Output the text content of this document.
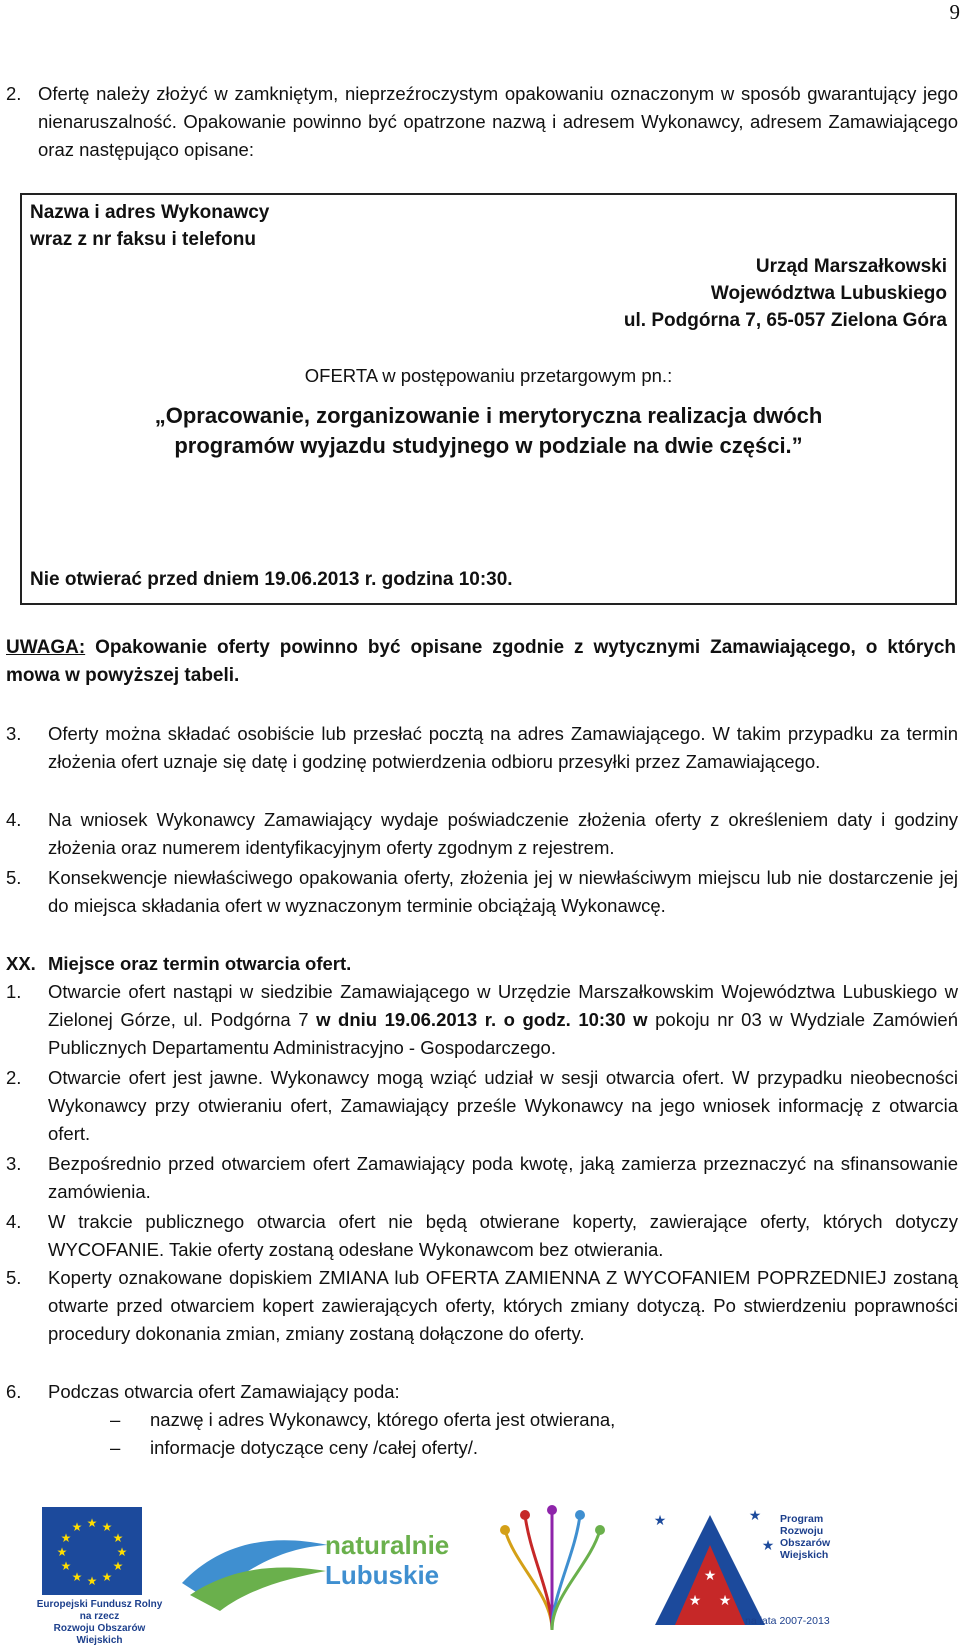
9
2. Ofertę należy złożyć w zamkniętym, nieprzeźroczystym opakowaniu oznaczonym w sposób gwarantujący jego nienaruszalność. Opakowanie powinno być opatrzone nazwą i adresem Wykonawcy, adresem Zamawiającego oraz następująco opisane:
Nazwa i adres Wykonawcy
wraz z nr faksu i telefonu
Urząd Marszałkowski
Województwa Lubuskiego
ul. Podgórna 7, 65-057 Zielona Góra
OFERTA w postępowaniu przetargowym pn.:
„Opracowanie, zorganizowanie i merytoryczna realizacja dwóch
programów wyjazdu studyjnego w podziale na dwie części.”
Nie otwierać przed dniem 19.06.2013 r. godzina 10:30.
UWAGA: Opakowanie oferty powinno być opisane zgodnie z wytycznymi Zamawiającego, o których mowa w powyższej tabeli.
3. Oferty można składać osobiście lub przesłać pocztą na adres Zamawiającego. W takim przypadku za termin złożenia ofert uznaje się datę i godzinę potwierdzenia odbioru przesyłki przez Zamawiającego.
4. Na wniosek Wykonawcy Zamawiający wydaje poświadczenie złożenia oferty z określeniem daty i godziny złożenia oraz numerem identyfikacyjnym oferty zgodnym z rejestrem.
5. Konsekwencje niewłaściwego opakowania oferty, złożenia jej w niewłaściwym miejscu lub nie dostarczenie jej do miejsca składania ofert w wyznaczonym terminie obciążają Wykonawcę.
XX. Miejsce oraz termin otwarcia ofert.
1. Otwarcie ofert nastąpi w siedzibie Zamawiającego w Urzędzie Marszałkowskim Województwa Lubuskiego w Zielonej Górze, ul. Podgórna 7 w dniu 19.06.2013 r. o godz. 10:30 w pokoju nr 03 w Wydziale Zamówień Publicznych Departamentu Administracyjno - Gospodarczego.
2. Otwarcie ofert jest jawne. Wykonawcy mogą wziąć udział w sesji otwarcia ofert. W przypadku nieobecności Wykonawcy przy otwieraniu ofert, Zamawiający prześle Wykonawcy na jego wniosek informację z otwarcia ofert.
3. Bezpośrednio przed otwarciem ofert Zamawiający poda kwotę, jaką zamierza przeznaczyć na sfinansowanie zamówienia.
4. W trakcie publicznego otwarcia ofert nie będą otwierane koperty, zawierające oferty, których dotyczy WYCOFANIE. Takie oferty zostaną odesłane Wykonawcom bez otwierania.
5. Koperty oznakowane dopiskiem ZMIANA lub OFERTA ZAMIENNA Z WYCOFANIEM POPRZEDNIEJ zostaną otwarte przed otwarciem kopert zawierających oferty, których zmiany dotyczą. Po stwierdzeniu poprawności procedury dokonania zmian, zmiany zostaną dołączone do oferty.
6. Podczas otwarcia ofert Zamawiający poda:
– nazwę i adres Wykonawcy, którego oferta jest otwierana,
– informacje dotyczące ceny /całej oferty/.
★ ★
★
★
★
★
★
★
★
★
★
★
Europejski Fundusz Rolny
na rzecz
Rozwoju Obszarów Wiejskich
naturalnie
Lubuskie	★
★ ★
★	★
★
Program
Rozwoju
Obszarów
Wiejskich
na lata 2007-2013
